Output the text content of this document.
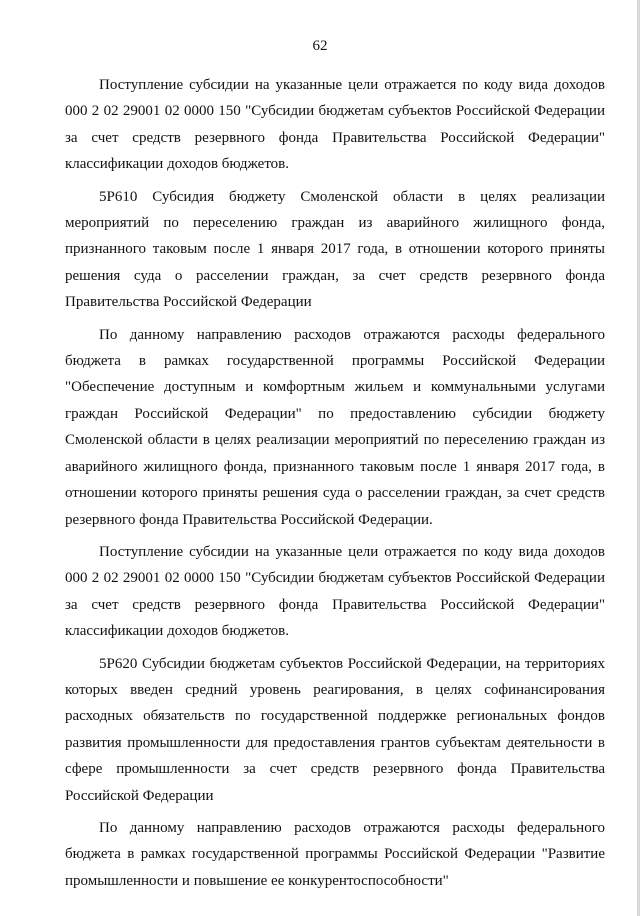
62

Поступление субсидии на указанные цели отражается по коду вида доходов 000 2 02 29001 02 0000 150 "Субсидии бюджетам субъектов Российской Федерации за счет средств резервного фонда Правительства Российской Федерации" классификации доходов бюджетов.

5Р610 Субсидия бюджету Смоленской области в целях реализации мероприятий по переселению граждан из аварийного жилищного фонда, признанного таковым после 1 января 2017 года, в отношении которого приняты решения суда о расселении граждан, за счет средств резервного фонда Правительства Российской Федерации

По данному направлению расходов отражаются расходы федерального бюджета в рамках государственной программы Российской Федерации "Обеспечение доступным и комфортным жильем и коммунальными услугами граждан Российской Федерации" по предоставлению субсидии бюджету Смоленской области в целях реализации мероприятий по переселению граждан из аварийного жилищного фонда, признанного таковым после 1 января 2017 года, в отношении которого приняты решения суда о расселении граждан, за счет средств резервного фонда Правительства Российской Федерации.

Поступление субсидии на указанные цели отражается по коду вида доходов 000 2 02 29001 02 0000 150 "Субсидии бюджетам субъектов Российской Федерации за счет средств резервного фонда Правительства Российской Федерации" классификации доходов бюджетов.

5Р620 Субсидии бюджетам субъектов Российской Федерации, на территориях которых введен средний уровень реагирования, в целях софинансирования расходных обязательств по государственной поддержке региональных фондов развития промышленности для предоставления грантов субъектам деятельности в сфере промышленности за счет средств резервного фонда Правительства Российской Федерации

По данному направлению расходов отражаются расходы федерального бюджета в рамках государственной программы Российской Федерации "Развитие промышленности и повышение ее конкурентоспособности"
